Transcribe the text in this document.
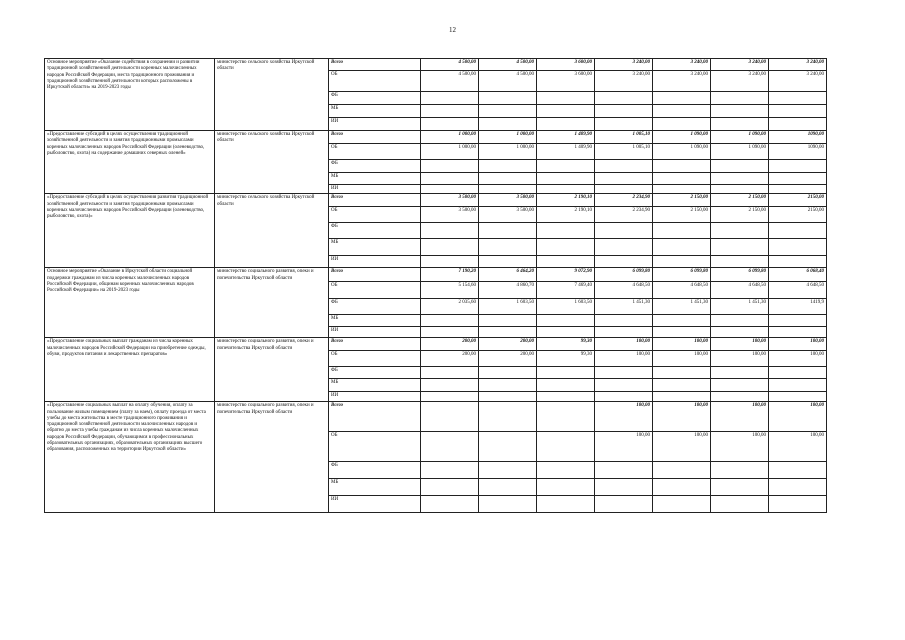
12
Основное мероприятие «Оказание содействия в сохранении и развитии традиционной хозяйственной деятельности коренных малочисленных народов Российской Федерации, места традиционного проживания и традиционной хозяйственной деятельности которых расположены в Иркутской области» на 2019-2023 годы	министерство сельского хозяйства Иркутской области	Всего	4 500,00	4 500,00	3 600,00	3 240,00	3 240,00	3 240,00	3 240,00
		ОБ	4 500,00	4 500,00	3 600,00	3 240,00	3 240,00	3 240,00	3 240,00
		ФБ							
		МБ							
		ИИ							
«Предоставление субсидий в целях осуществления традиционной хозяйственной деятельности и занятия традиционными промыслами коренных малочисленных народов Российской Федерации (оленеводство, рыболовство, охота) на содержание домашних северных оленей»	министерство сельского хозяйства Иркутской области	Всего	1 000,00	1 000,00	1 409,90	1 005,10	1 090,00	1 090,00	1090,00
		ОБ	1 000,00	1 000,00	1 409,90	1 005,10	1 090,00	1 090,00	1090,00
		ФБ							
		МБ							
		ИИ							
«Предоставление субсидий в целях осуществления развития традиционной хозяйственной деятельности и занятия традиционными промыслами коренных малочисленных народов Российской Федерации (оленеводство, рыболовство, охота)»	министерство сельского хозяйства Иркутской области	Всего	3 500,00	3 500,00	2 190,10	2 234,90	2 150,00	2 150,00	2150,00
		ОБ	3 500,00	3 500,00	2 190,10	2 234,90	2 150,00	2 150,00	2150,00
		ФБ							
		МБ							
		ИИ							
Основное мероприятие «Оказание в Иркутской области социальной поддержки гражданам из числа коренных малочисленных народов Российской Федерации, общинам коренных малочисленных народов Российской Федерации» на 2019-2023 годы	министерство социального развития, опеки и попечительства Иркутской области	Всего	7 190,20	6 464,20	9 072,90	6 099,80	6 099,80	6 099,80	6 068,40
		ОБ	5 154,60	4 860,70	7 469,40	4 648,50	4 648,50	4 648,50	4 648,50
		ФБ	2 035,60	1 603,50	1 603,50	1 451,30	1 451,30	1 451,30	1419,9
		МБ							
		ИИ							
«Предоставление социальных выплат гражданам из числа коренных малочисленных народов Российской Федерации на приобретение одежды, обуви, продуктов питания и лекарственных препаратов»	министерство социального развития, опеки и попечительства Иркутской области	Всего	200,00	200,00	99,30	100,00	100,00	100,00	100,00
		ОБ	200,00	200,00	99,30	100,00	100,00	100,00	100,00
		ФБ							
		МБ							
		ИИ							
«Предоставление социальных выплат на оплату обучения, оплату за пользование жилым помещением (плату за наем), оплату проезда от места учебы до места жительства в месте традиционного проживания и традиционной хозяйственной деятельности малочисленных народов и обратно до места учебы гражданам из числа коренных малочисленных народов Российской Федерации, обучающимся в профессиональных образовательных организациях, образовательных организациях высшего образования, расположенных на территории Иркутской области»	министерство социального развития, опеки и попечительства Иркутской области	Всего				100,00	100,00	100,00	100,00
		ОБ				100,00	100,00	100,00	100,00
		ФБ							
		МБ							
		ИИ							
